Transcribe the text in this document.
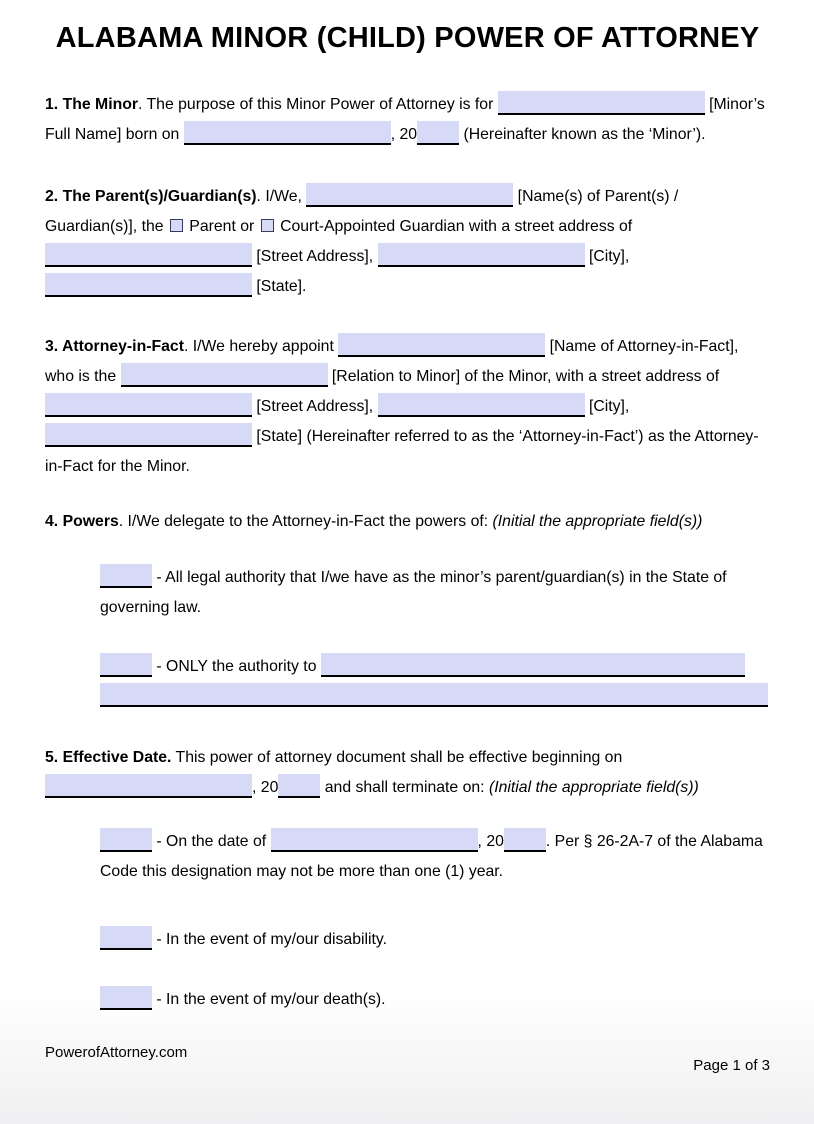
ALABAMA MINOR (CHILD) POWER OF ATTORNEY

1. The Minor. The purpose of this Minor Power of Attorney is for	[Minor’s Full Name] born on	, 20	(Hereinafter known as the ‘Minor’).

2. The Parent(s)/Guardian(s). I/We,	[Name(s) of Parent(s) / Guardian(s)], the  Parent or  Court-Appointed Guardian with a street address of  [Street Address],	[City],  [State].

3. Attorney-in-Fact. I/We hereby appoint	[Name of Attorney-in-Fact], who is the	[Relation to Minor] of the Minor, with a street address of  [Street Address],	[City],  [State] (Hereinafter referred to as the ‘Attorney-in-Fact’) as the Attorney-in-Fact for the Minor.

4. Powers. I/We delegate to the Attorney-in-Fact the powers of: (Initial the appropriate field(s))

- All legal authority that I/we have as the minor’s parent/guardian(s) in the State of governing law.

- ONLY the authority to

5. Effective Date. This power of attorney document shall be effective beginning on , 20	and shall terminate on: (Initial the appropriate field(s))

- On the date of	, 20	. Per § 26-2A-7 of the Alabama Code this designation may not be more than one (1) year.

- In the event of my/our disability.

- In the event of my/our death(s).

PowerofAttorney.com
Page 1 of 3
